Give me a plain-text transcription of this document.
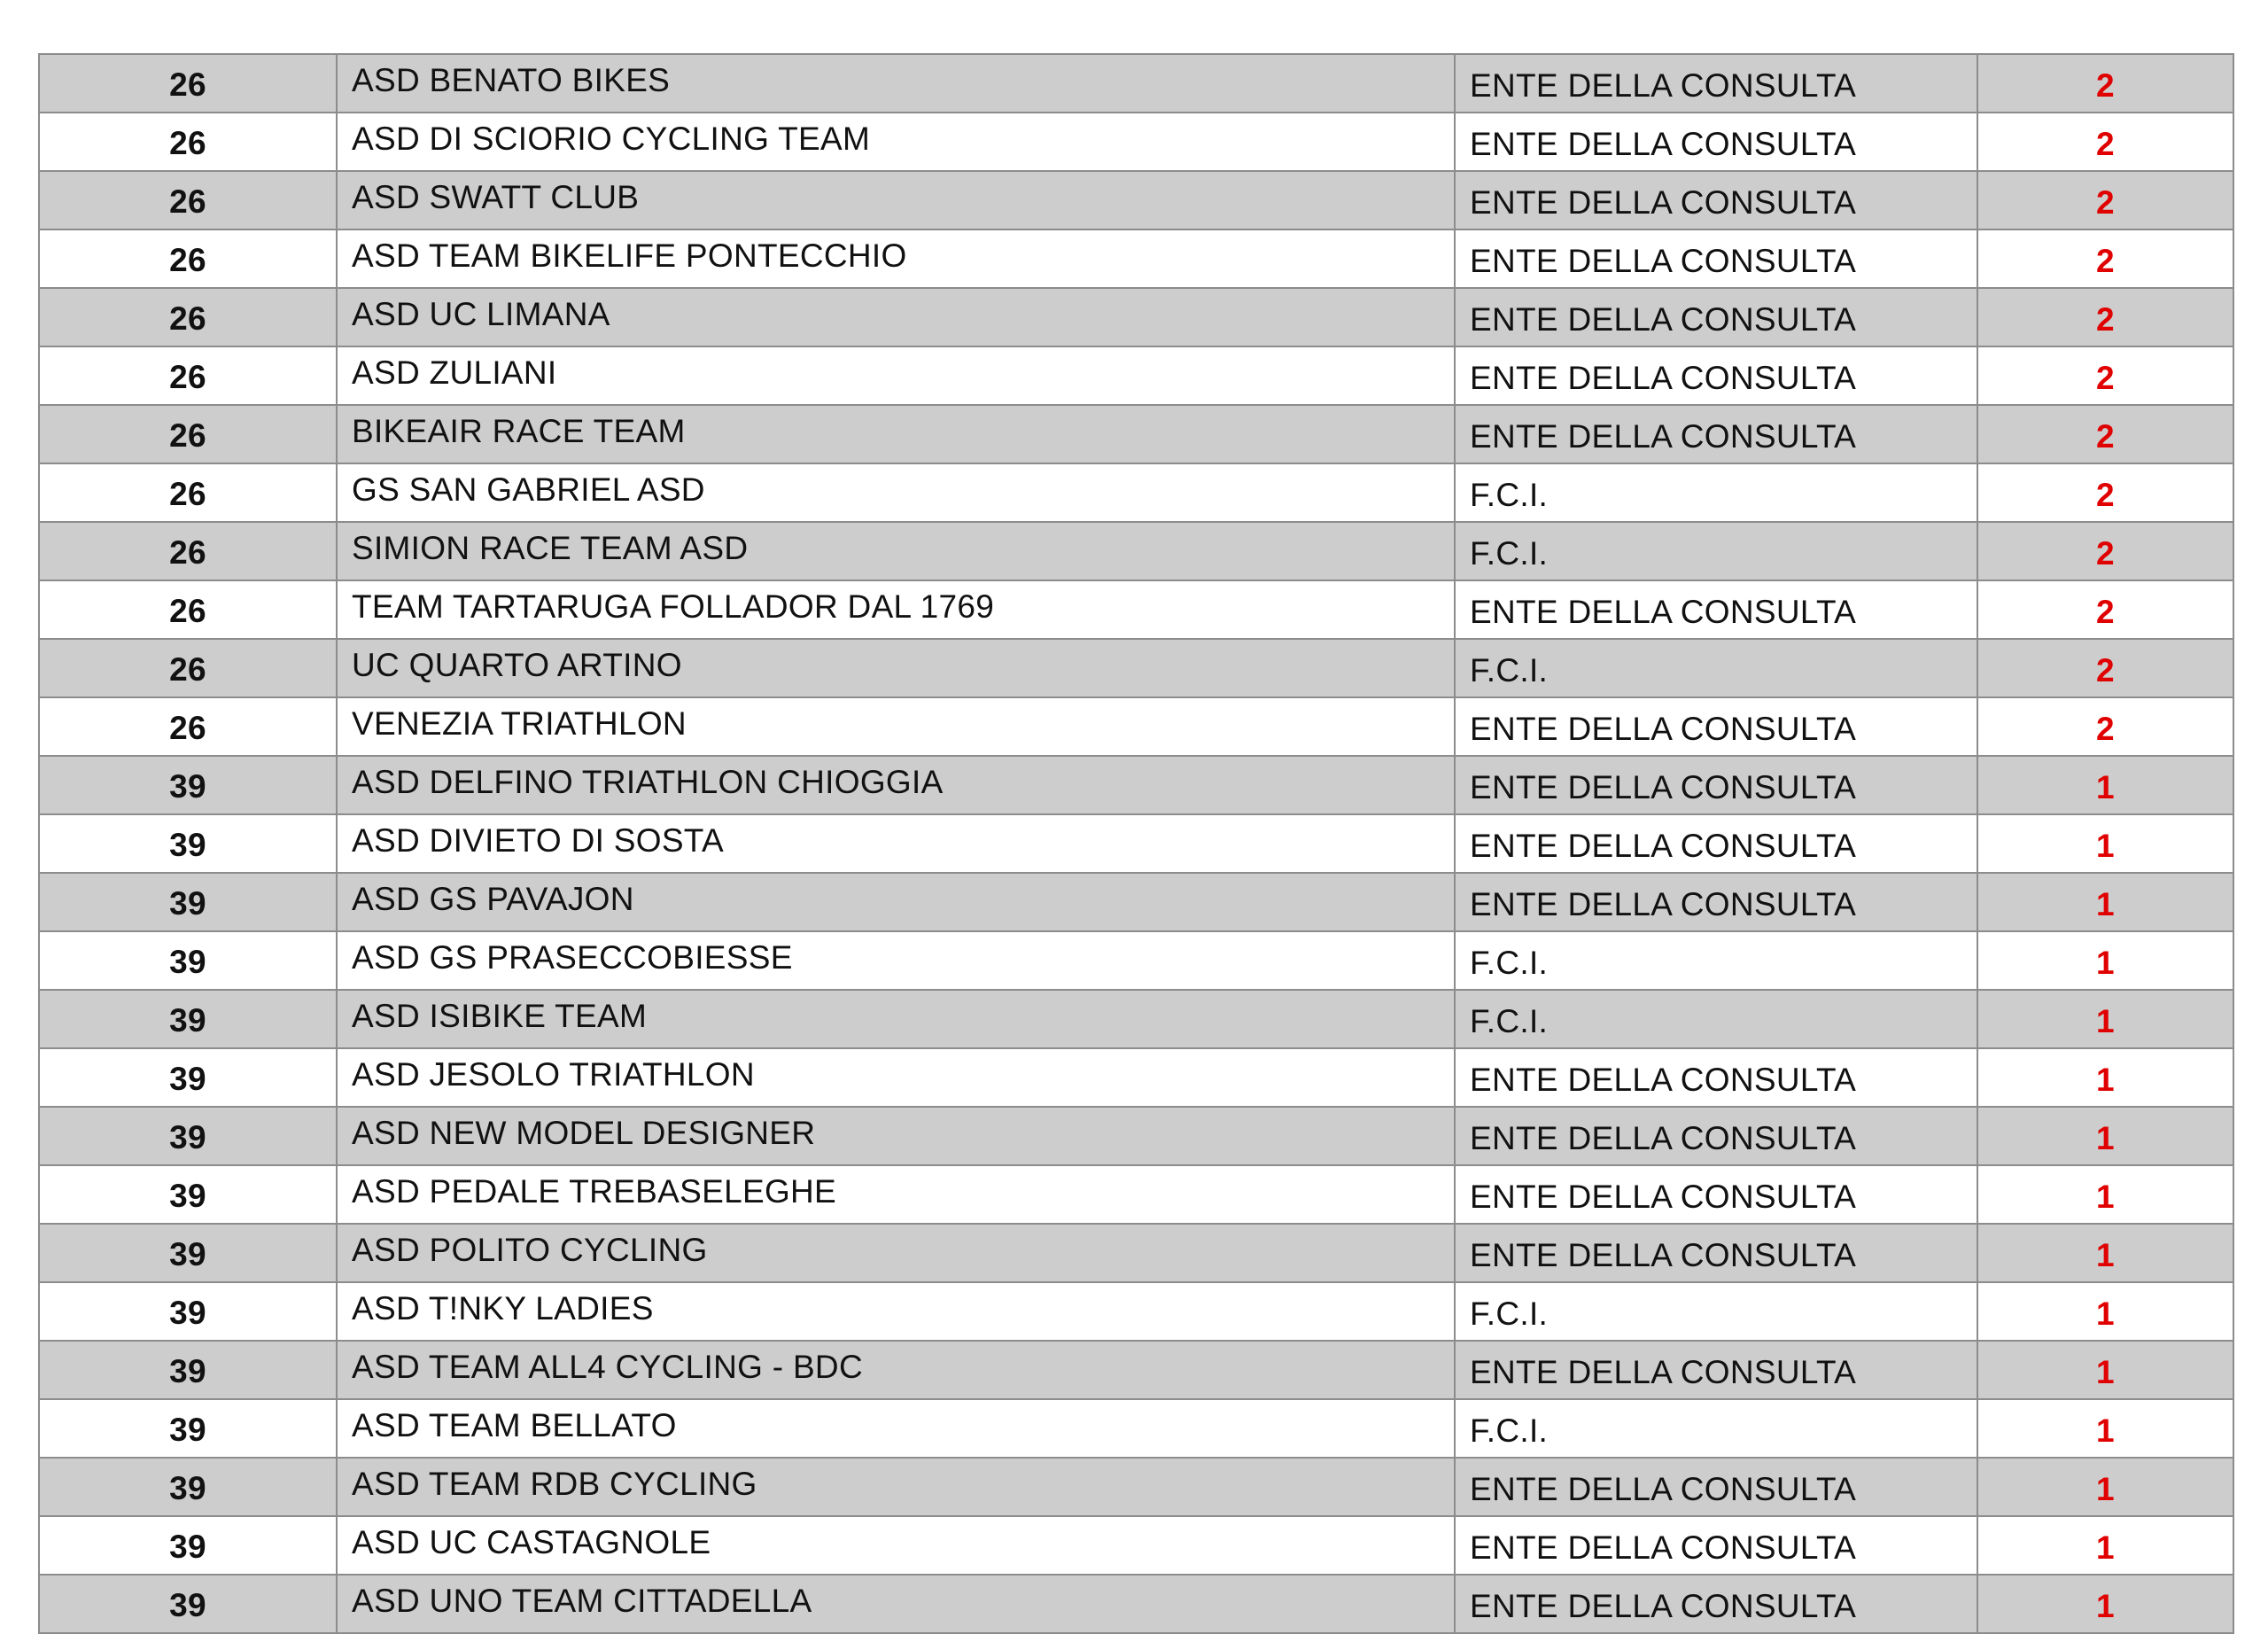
26	ASD BENATO BIKES	ENTE DELLA CONSULTA	2
26	ASD DI SCIORIO CYCLING TEAM	ENTE DELLA CONSULTA	2
26	ASD SWATT CLUB	ENTE DELLA CONSULTA	2
26	ASD TEAM BIKELIFE PONTECCHIO	ENTE DELLA CONSULTA	2
26	ASD UC LIMANA	ENTE DELLA CONSULTA	2
26	ASD ZULIANI	ENTE DELLA CONSULTA	2
26	BIKEAIR RACE TEAM	ENTE DELLA CONSULTA	2
26	GS SAN GABRIEL ASD	F.C.I.	2
26	SIMION RACE TEAM ASD	F.C.I.	2
26	TEAM TARTARUGA FOLLADOR DAL 1769	ENTE DELLA CONSULTA	2
26	UC QUARTO ARTINO	F.C.I.	2
26	VENEZIA TRIATHLON	ENTE DELLA CONSULTA	2
39	ASD DELFINO TRIATHLON CHIOGGIA	ENTE DELLA CONSULTA	1
39	ASD DIVIETO DI SOSTA	ENTE DELLA CONSULTA	1
39	ASD GS PAVAJON	ENTE DELLA CONSULTA	1
39	ASD GS PRASECCOBIESSE	F.C.I.	1
39	ASD ISIBIKE TEAM	F.C.I.	1
39	ASD JESOLO TRIATHLON	ENTE DELLA CONSULTA	1
39	ASD NEW MODEL DESIGNER	ENTE DELLA CONSULTA	1
39	ASD PEDALE TREBASELEGHE	ENTE DELLA CONSULTA	1
39	ASD POLITO CYCLING	ENTE DELLA CONSULTA	1
39	ASD T!NKY LADIES	F.C.I.	1
39	ASD TEAM ALL4 CYCLING - BDC	ENTE DELLA CONSULTA	1
39	ASD TEAM BELLATO	F.C.I.	1
39	ASD TEAM RDB CYCLING	ENTE DELLA CONSULTA	1
39	ASD UC CASTAGNOLE	ENTE DELLA CONSULTA	1
39	ASD UNO TEAM CITTADELLA	ENTE DELLA CONSULTA	1
